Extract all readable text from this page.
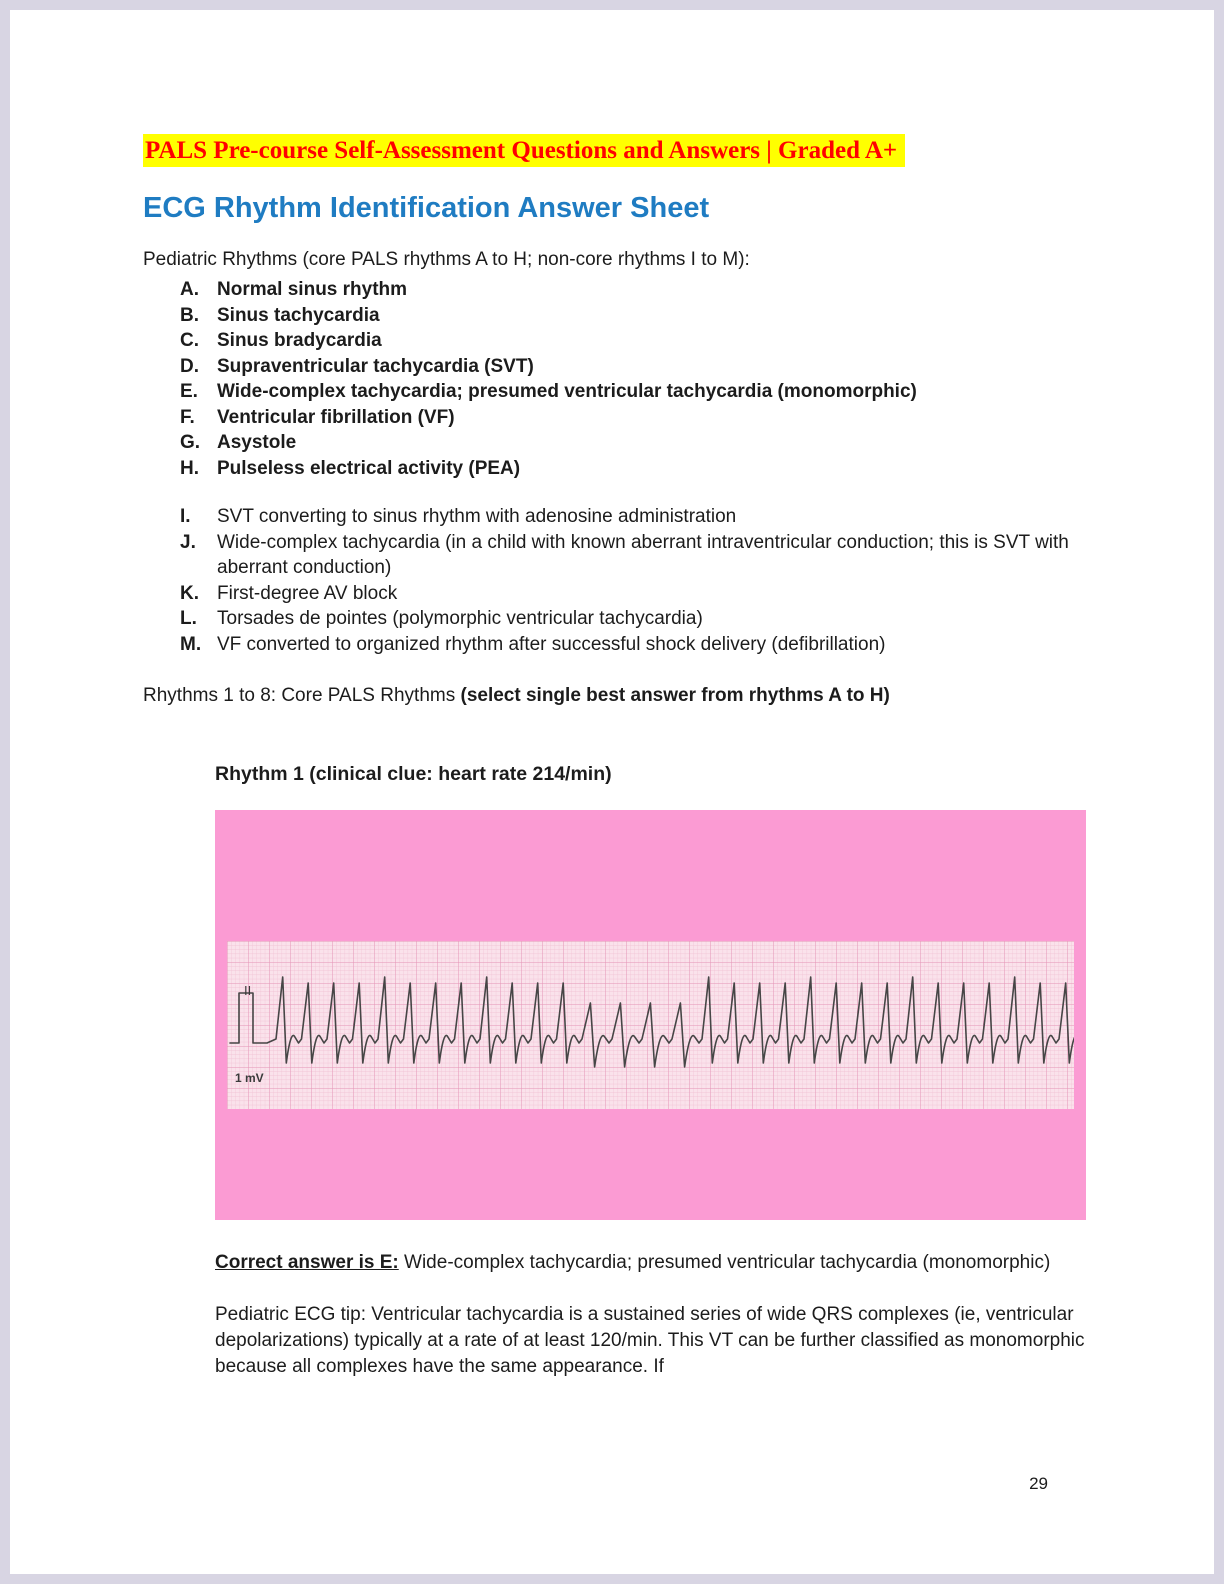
PALS Pre-course Self-Assessment Questions and Answers | Graded A+
ECG Rhythm Identification Answer Sheet

Pediatric Rhythms (core PALS rhythms A to H; non-core rhythms I to M):

A. Normal sinus rhythm
B. Sinus tachycardia
C. Sinus bradycardia
D. Supraventricular tachycardia (SVT)
E.	Wide-complex tachycardia; presumed ventricular tachycardia (monomorphic)
F.	Ventricular fibrillation (VF)
G. Asystole
H. Pulseless electrical activity (PEA)
I.	SVT converting to sinus rhythm with adenosine administration
J.	Wide-complex tachycardia (in a child with known aberrant intraventricular conduction; this is SVT with aberrant conduction)
K. First-degree AV block
L.	Torsades de pointes (polymorphic ventricular tachycardia)
M. VF converted to organized rhythm after successful shock delivery (defibrillation)

Rhythms 1 to 8: Core PALS Rhythms (select single best answer from rhythms A to H)

Rhythm 1 (clinical clue: heart rate 214/min)
II
1 mV

Correct answer is E: Wide-complex tachycardia; presumed ventricular tachycardia (monomorphic)

Pediatric ECG tip: Ventricular tachycardia is a sustained series of wide QRS complexes (ie, ventricular depolarizations) typically at a rate of at least 120/min. This VT can be further classified as monomorphic because all complexes have the same appearance. If

29
